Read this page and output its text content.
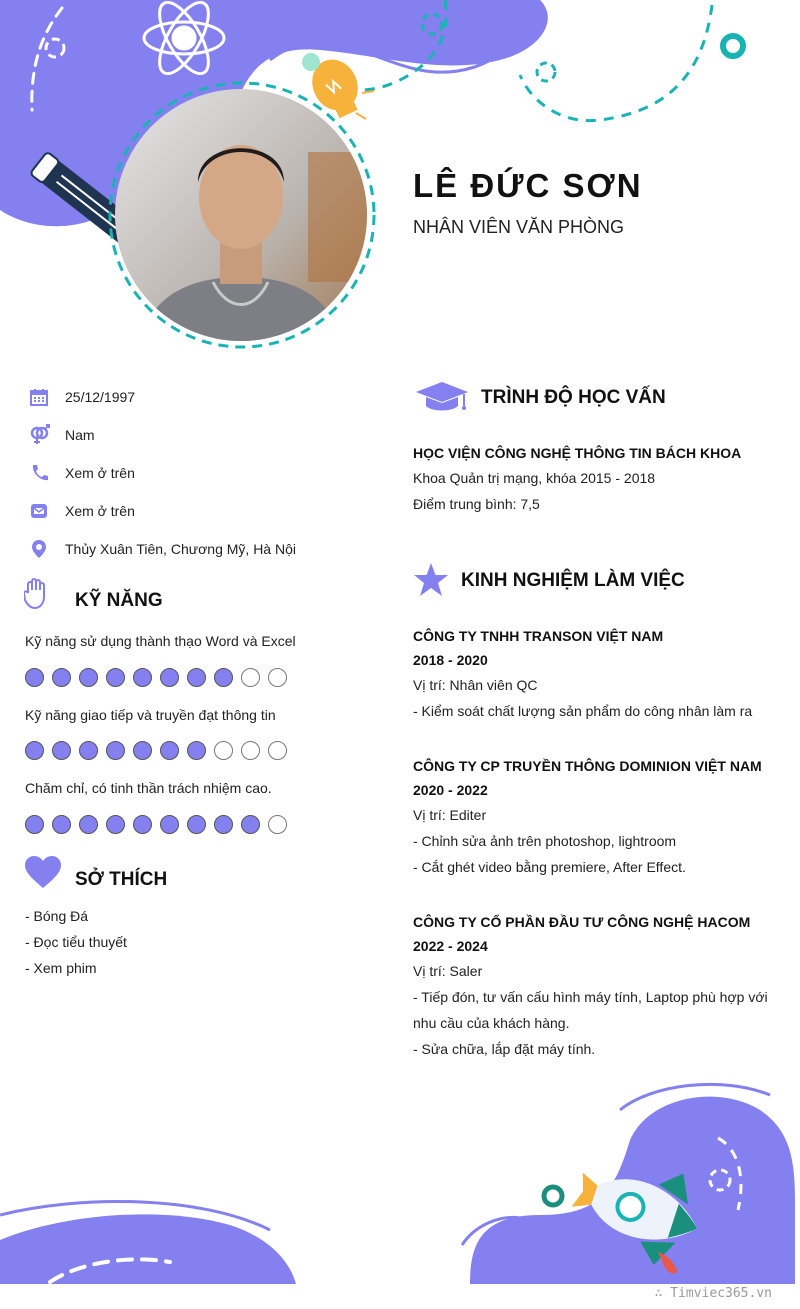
LÊ ĐỨC SƠN
NHÂN VIÊN VĂN PHÒNG
25/12/1997
Nam
Xem ở trên
Xem ở trên
Thủy Xuân Tiên, Chương Mỹ, Hà Nội
KỸ NĂNG
Kỹ năng sử dụng thành thạo Word và Excel
Kỹ năng giao tiếp và truyền đạt thông tin
Chăm chỉ, có tinh thần trách nhiệm cao.
SỞ THÍCH
- Bóng Đá
- Đọc tiểu thuyết
- Xem phim
TRÌNH ĐỘ HỌC VẤN
HỌC VIỆN CÔNG NGHỆ THÔNG TIN BÁCH KHOA
Khoa Quản trị mạng, khóa 2015 - 2018
Điểm trung bình: 7,5
KINH NGHIỆM LÀM VIỆC
CÔNG TY TNHH TRANSON VIỆT NAM
2018 - 2020
Vị trí: Nhân viên QC
- Kiểm soát chất lượng sản phẩm do công nhân làm ra
CÔNG TY CP TRUYỀN THÔNG DOMINION VIỆT NAM
2020 - 2022
Vị trí: Editer
- Chỉnh sửa ảnh trên photoshop, lightroom
- Cắt ghét video bằng premiere, After Effect.
CÔNG TY CỔ PHẦN ĐẦU TƯ CÔNG NGHỆ HACOM
2022 - 2024
Vị trí: Saler
- Tiếp đón, tư vấn cấu hình máy tính, Laptop phù hợp với
nhu cầu của khách hàng.
- Sửa chữa, lắp đặt máy tính.
∴ Timviec365.vn
